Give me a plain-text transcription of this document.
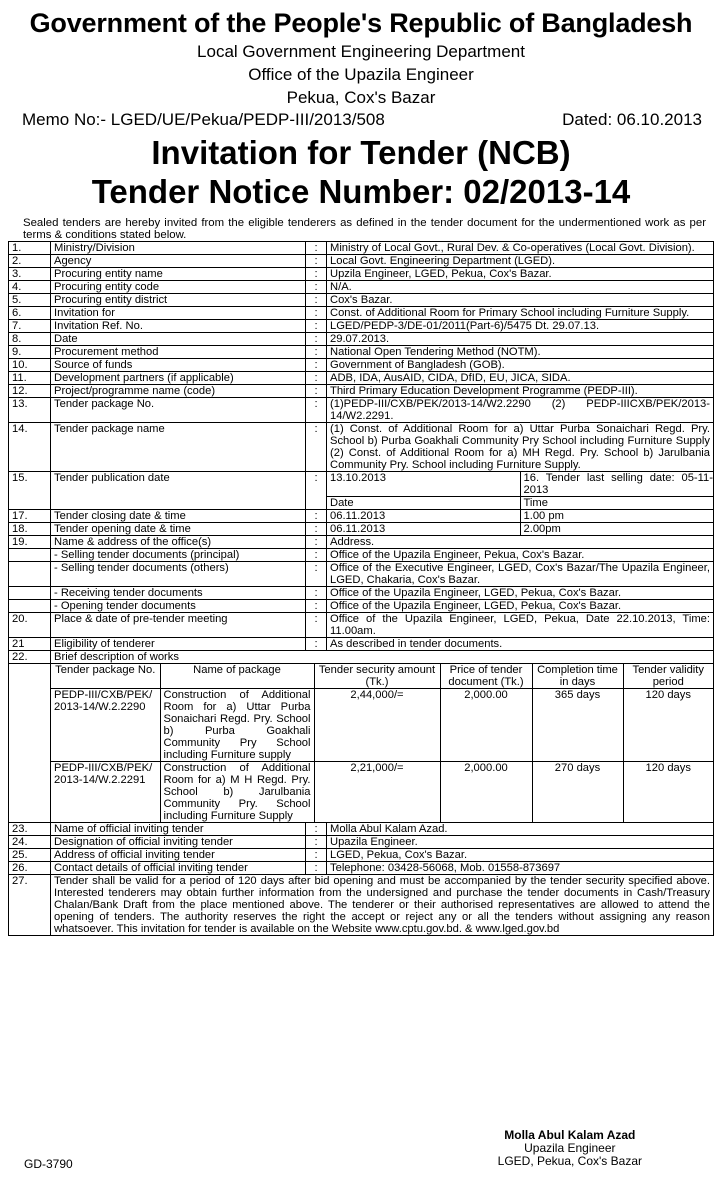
Government of the People's Republic of Bangladesh
Local Government Engineering Department
Office of the Upazila Engineer
Pekua, Cox's Bazar
Memo No:- LGED/UE/Pekua/PEDP-III/2013/508	Dated: 06.10.2013
Invitation for Tender (NCB)
Tender Notice Number: 02/2013-14
Sealed tenders are hereby invited from the eligible tenderers as defined in the tender document for the undermentioned work as per terms & conditions stated below.
1.	Ministry/Division	:	Ministry of Local Govt., Rural Dev. & Co-operatives (Local Govt. Division).
2.	Agency	:	Local Govt. Engineering Department (LGED).
3.	Procuring entity name	:	Upzila Engineer, LGED, Pekua, Cox's Bazar.
4.	Procuring entity code	:	N/A.
5.	Procuring entity district	:	Cox's Bazar.
6.	Invitation for	:	Const. of Additional Room for Primary School including Furniture Supply.
7.	Invitation Ref. No.	:	LGED/PEDP-3/DE-01/2011(Part-6)/5475 Dt. 29.07.13.
8.	Date	:	29.07.2013.
9.	Procurement method	:	National Open Tendering Method (NOTM).
10.	Source of funds	:	Government of Bangladesh (GOB).
11.	Development partners (if applicable)	:	ADB, IDA, AusAID, CIDA, DfID, EU, JICA, SIDA.
12.	Project/programme name (code)	:	Third Primary Education Development Programme (PEDP-III).
13.	Tender package No.	:	(1)PEDP-III/CXB/PEK/2013-14/W2.2290 (2) PEDP-IIICXB/PEK/2013-14/W2.2291.
14.	Tender package name	:	(1) Const. of Additional Room for a) Uttar Purba Sonaichari Regd. Pry. School b) Purba Goakhali Community Pry School including Furniture Supply (2) Const. of Additional Room for a) MH Regd. Pry. School b) Jarulbania Community Pry. School including Furniture Supply.
15.	Tender publication date	:	13.10.2013	16. Tender last selling date: 05-11-2013
Date	Time

17.	Tender closing date & time	:	06.11.2013	1.00 pm

18.	Tender opening date & time	:	06.11.2013	2.00pm

19.	Name & address of the office(s)	:	Address.
	- Selling tender documents (principal)	:	Office of the Upazila Engineer, Pekua, Cox's Bazar.
	- Selling tender documents (others)	:	Office of the Executive Engineer, LGED, Cox's Bazar/The Upazila Engineer, LGED, Chakaria, Cox's Bazar.
	- Receiving tender documents	:	Office of the Upazila Engineer, LGED, Pekua, Cox's Bazar.
	- Opening tender documents	:	Office of the Upazila Engineer, LGED, Pekua, Cox's Bazar.
20.	Place & date of pre-tender meeting	:	Office of the Upazila Engineer, LGED, Pekua, Date 22.10.2013, Time: 11.00am.
21	Eligibility of tenderer	:	As described in tender documents.
22.	Brief description of works

Tender package No.	Name of package	Tender security amount (Tk.)	Price of tender document (Tk.)	Completion time in days	Tender validity period
PEDP-III/CXB/PEK/2013-14/W.2.2290	Construction of Additional Room for a) Uttar Purba Sonaichari Regd. Pry. School b) Purba Goakhali Community Pry School including Furniture supply	2,44,000/=	2,000.00	365 days	120 days
PEDP-III/CXB/PEK/2013-14/W.2.2291	Construction of Additional Room for a) M H Regd. Pry. School b) Jarulbania Community Pry. School including Furniture Supply	2,21,000/=	2,000.00	270 days	120 days

23.	Name of official inviting tender	:	Molla Abul Kalam Azad.
24.	Designation of official inviting tender	:	Upazila Engineer.
25.	Address of official inviting tender	:	LGED, Pekua, Cox's Bazar.
26.	Contact details of official inviting tender	:	Telephone: 03428-56068, Mob. 01558-873697
27.	Tender shall be valid for a period of 120 days after bid opening and must be accompanied by the tender security specified above. Interested tenderers may obtain further information from the undersigned and purchase the tender documents in Cash/Treasury Chalan/Bank Draft from the place mentioned above. The tenderer or their authorised representatives are allowed to attend the opening of tenders. The authority reserves the right the accept or reject any or all the tenders without assigning any reason whatsoever. This invitation for tender is available on the Website www.cptu.gov.bd. & www.lged.gov.bd
Molla Abul Kalam Azad
Upazila Engineer
LGED, Pekua, Cox's Bazar
GD-3790
